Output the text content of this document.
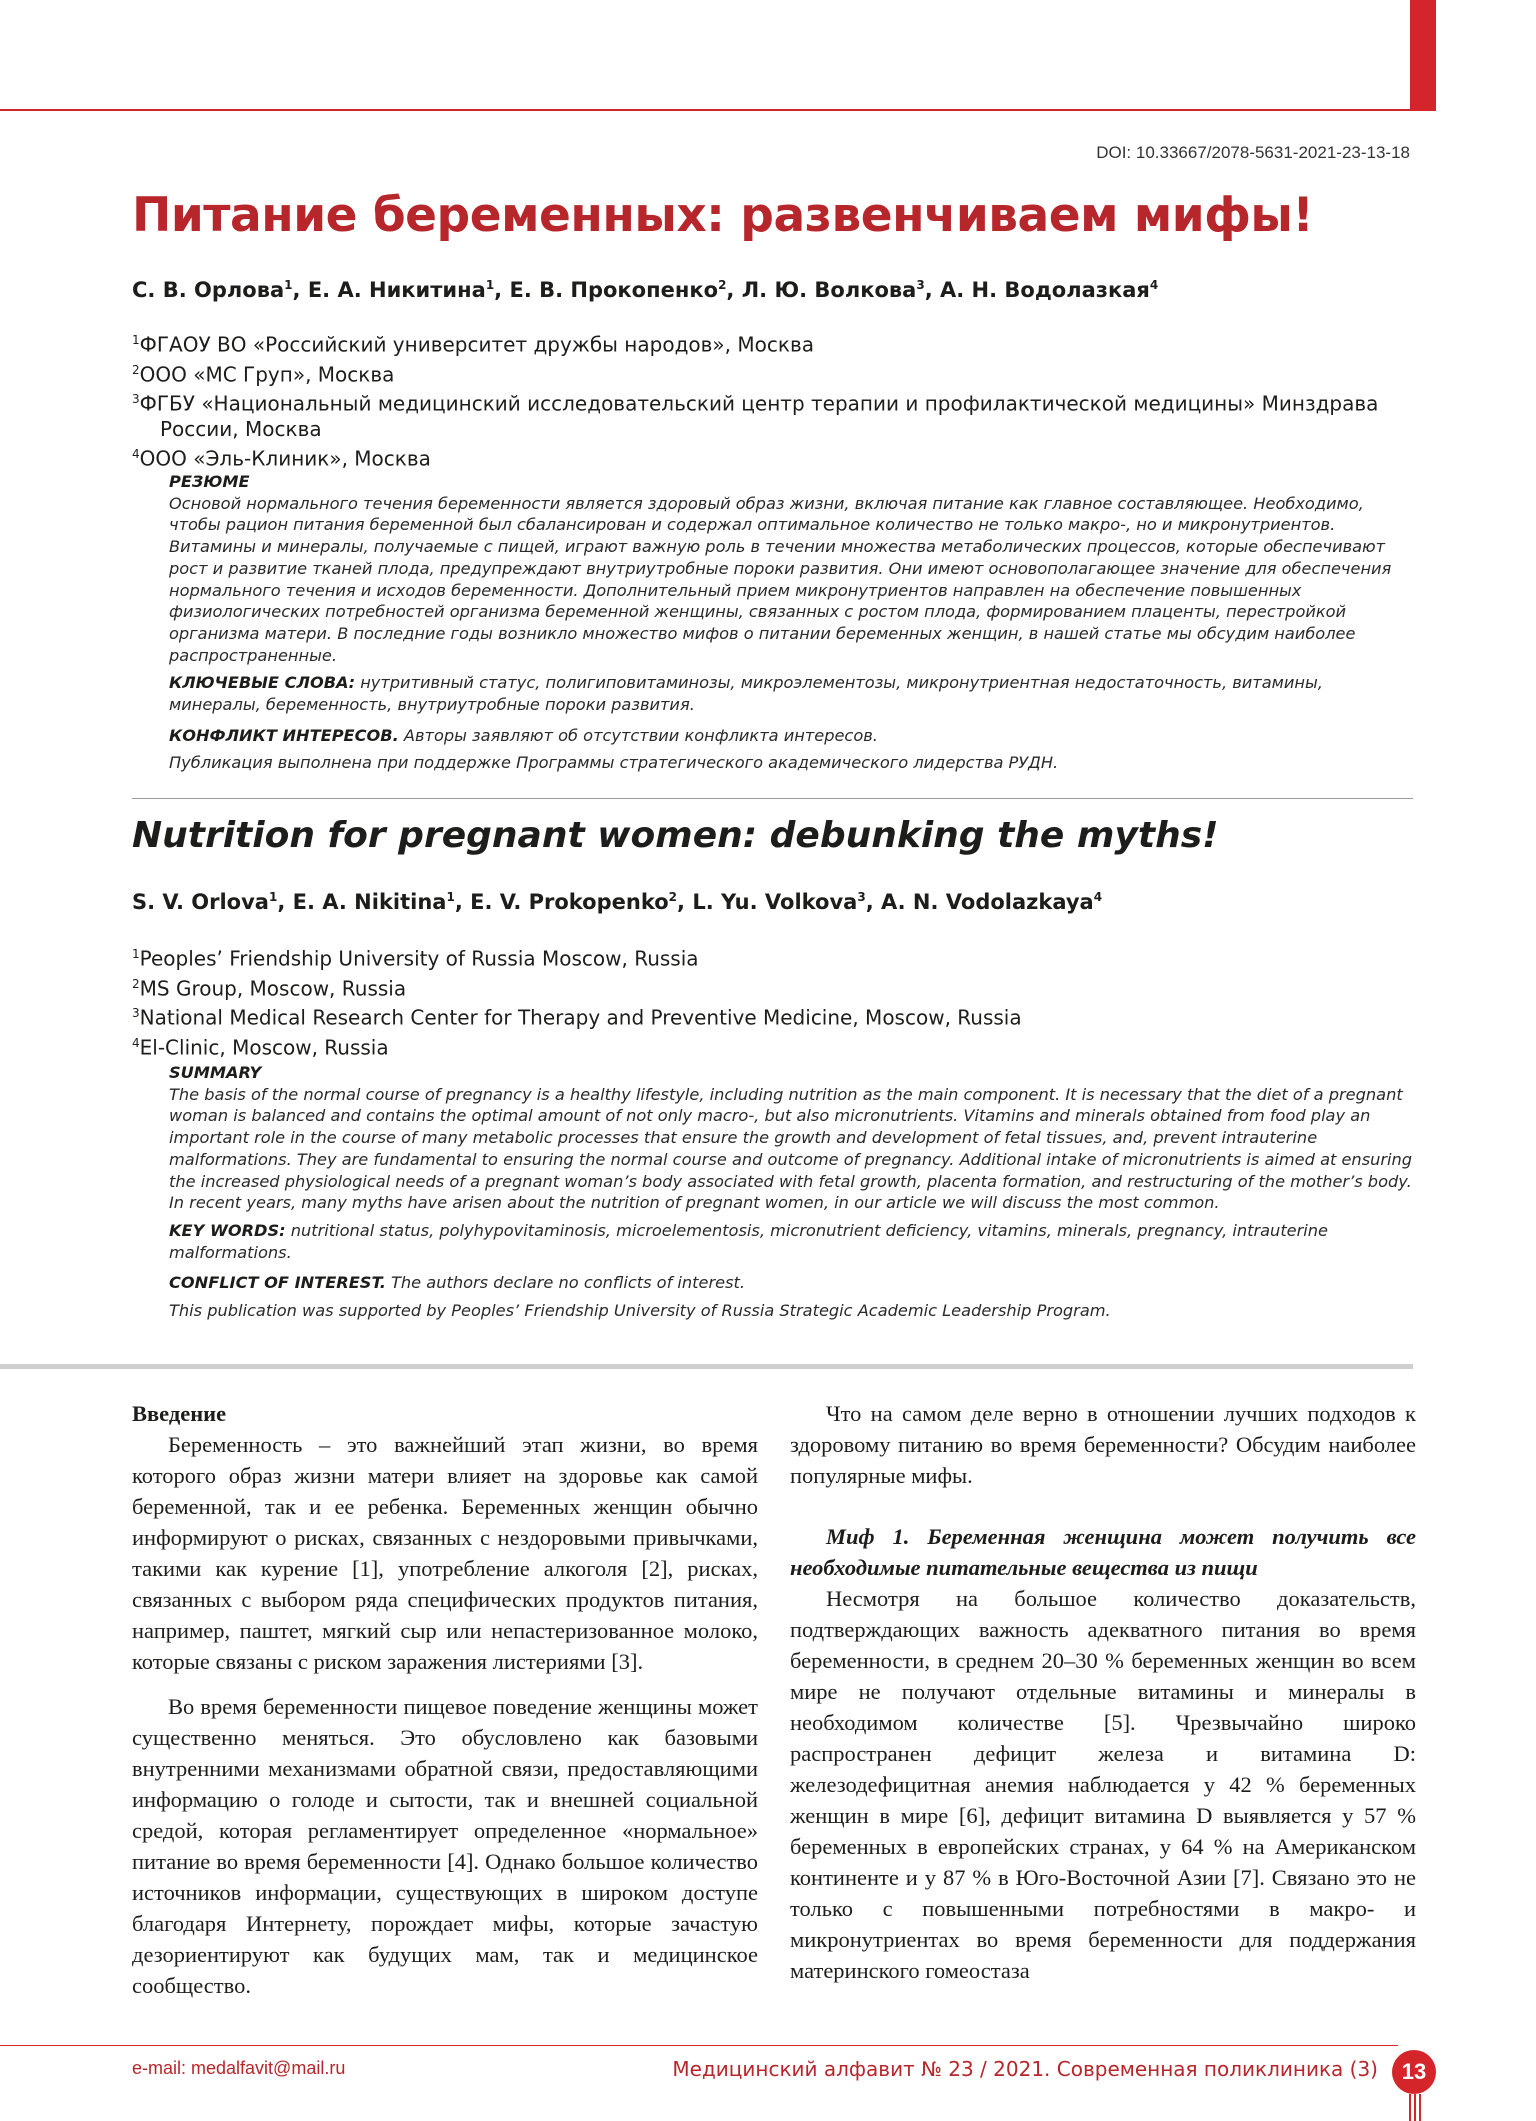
DOI: 10.33667/2078-5631-2021-23-13-18
Питание беременных: развенчиваем мифы!
С. В. Орлова$^1$, Е. А. Никитина$^1$, Е. В. Прокопенко$^2$, Л. Ю. Волкова$^3$, А. Н. Водолазкая$^4$
$^1$ФГАОУ ВО «Российский университет дружбы народов», Москва
$^2$ООО «МС Груп», Москва
$^3$ФГБУ «Национальный медицинский исследовательский центр терапии и профилактической медицины» Минздрава
России, Москва
$^4$ООО «Эль-Клиник», Москва

РЕЗЮМЕ

Основой нормального течения беременности является здоровый образ жизни, включая питание как главное составляющее. Необходимо, чтобы рацион питания беременной был сбалансирован и содержал оптимальное количество не только макро-, но и микронутриентов. Витамины и минералы, получаемые с пищей, играют важную роль в течении множества метаболических процессов, которые обеспечивают рост и развитие тканей плода, предупреждают внутриутробные пороки развития. Они имеют основополагающее значение для обеспечения нормального течения и исходов беременности. Дополнительный прием микронутриентов направлен на обеспечение повышенных физиологических потребностей организма беременной женщины, связанных с ростом плода, формированием плаценты, перестройкой организма матери. В последние годы возникло множество мифов о питании беременных женщин, в нашей статье мы обсудим наиболее распространенные.

КЛЮЧЕВЫЕ СЛОВА: нутритивный статус, полигиповитаминозы, микроэлементозы, микронутриентная недостаточность, витамины, минералы, беременность, внутриутробные пороки развития.

КОНФЛИКТ ИНТЕРЕСОВ. Авторы заявляют об отсутствии конфликта интересов.

Публикация выполнена при поддержке Программы стратегического академического лидерства РУДН.

Nutrition for pregnant women: debunking the myths!
S. V. Orlova$^1$, E. A. Nikitina$^1$, E. V. Prokopenko$^2$, L. Yu. Volkova$^3$, A. N. Vodolazkaya$^4$
$^1$Peoples’ Friendship University of Russia Moscow, Russia
$^2$MS Group, Moscow, Russia
$^3$National Medical Research Center for Therapy and Preventive Medicine, Moscow, Russia
$^4$El-Clinic, Moscow, Russia

SUMMARY

The basis of the normal course of pregnancy is a healthy lifestyle, including nutrition as the main component. It is necessary that the diet of a pregnant woman is balanced and contains the optimal amount of not only macro-, but also micronutrients. Vitamins and minerals obtained from food play an important role in the course of many metabolic processes that ensure the growth and development of fetal tissues, and, prevent intrauterine malformations. They are fundamental to ensuring the normal course and outcome of pregnancy. Additional intake of micronutrients is aimed at ensuring the increased physiological needs of a pregnant woman’s body associated with fetal growth, placenta formation, and restructuring of the mother’s body. In recent years, many myths have arisen about the nutrition of pregnant women, in our article we will discuss the most common.

KEY WORDS: nutritional status, polyhypovitaminosis, microelementosis, micronutrient deficiency, vitamins, minerals, pregnancy, intrauterine malformations.

CONFLICT OF INTEREST. The authors declare no conflicts of interest.

This publication was supported by Peoples’ Friendship University of Russia Strategic Academic Leadership Program.

Введение

Беременность – это важнейший этап жизни, во время которого образ жизни матери влияет на здоровье как самой беременной, так и ее ребенка. Беременных женщин обычно информируют о рисках, связанных с нездоровыми привычками, такими как курение [1], употребление алкоголя [2], рисках, связанных с выбором ряда специфических продуктов питания, например, паштет, мягкий сыр или непастеризованное молоко, которые связаны с риском заражения листериями [3].

Во время беременности пищевое поведение женщины может существенно меняться. Это обусловлено как базовыми внутренними механизмами обратной связи, предоставляющими информацию о голоде и сытости, так и внешней социальной средой, которая регламентирует определенное «нормальное» питание во время беременности [4]. Однако большое количество источников информации, существующих в широком доступе благодаря Интернету, порождает мифы, которые зачастую дезориентируют как будущих мам, так и медицинское сообщество.

Что на самом деле верно в отношении лучших подходов к здоровому питанию во время беременности? Обсудим наиболее популярные мифы.

Миф 1. Беременная женщина может получить все необходимые питательные вещества из пищи

Несмотря на большое количество доказательств, подтверждающих важность адекватного питания во время беременности, в среднем 20–30 % беременных женщин во всем мире не получают отдельные витамины и минералы в необходимом количестве [5]. Чрезвычайно широко распространен дефицит железа и витамина D: железодефицитная анемия наблюдается у 42 % беременных женщин в мире [6], дефицит витамина D выявляется у 57 % беременных в европейских странах, у 64 % на Американском континенте и у 87 % в Юго-Восточной Азии [7]. Связано это не только с повышенными потребностями в макро- и микронутриентах во время беременности для поддержания материнского гомеостаза

e-mail: medalfavit@mail.ru	Медицинский алфавит № 23 / 2021. Современная поликлиника (3)	13
